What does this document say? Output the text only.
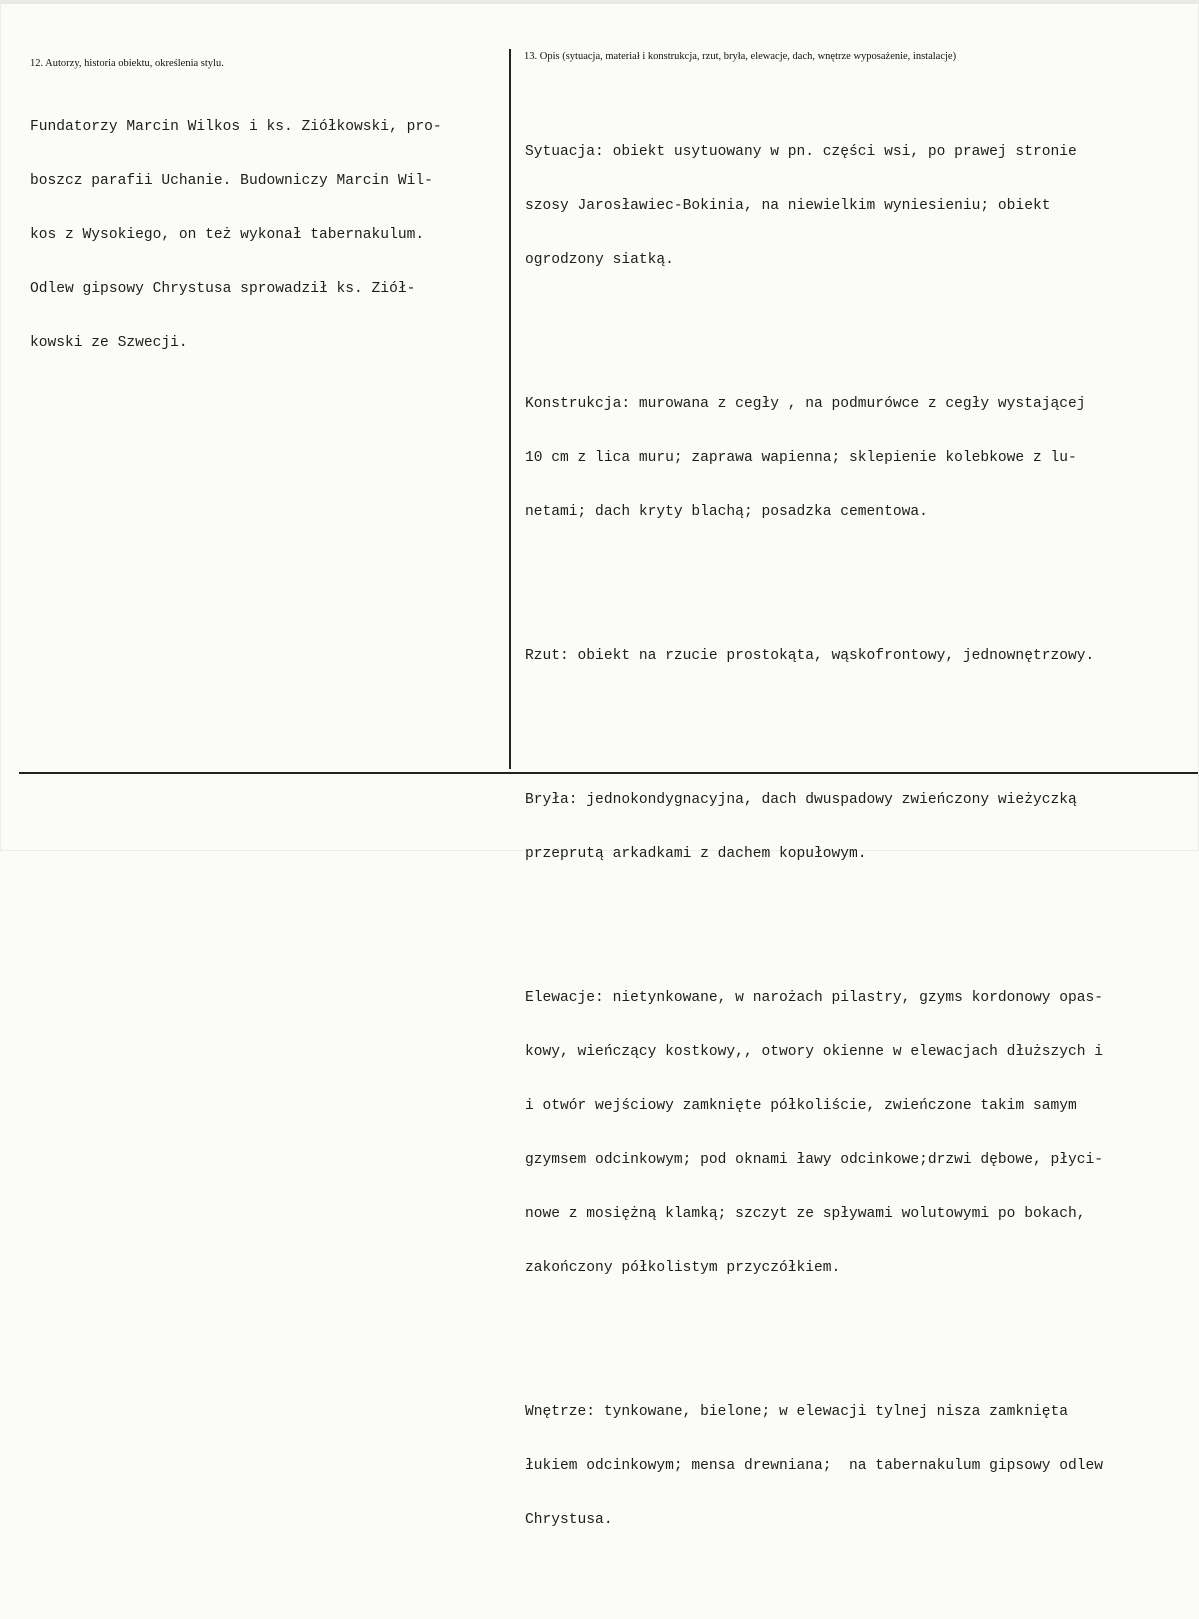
12. Autorzy, historia obiektu, określenia stylu.
13. Opis (sytuacja, materiał i konstrukcja, rzut, bryła, elewacje, dach, wnętrze wyposażenie, instalacje)

Fundatorzy Marcin Wilkos i ks. Ziółkowski, pro-

boszcz parafii Uchanie. Budowniczy Marcin Wil-

kos z Wysokiego, on też wykonał tabernakulum.

Odlew gipsowy Chrystusa sprowadził ks. Ziół-

kowski ze Szwecji.

Sytuacja: obiekt usytuowany w pn. części wsi, po prawej stronie

szosy Jarosławiec-Bokinia, na niewielkim wyniesieniu; obiekt

ogrodzony siatką.

Konstrukcja: murowana z cegły , na podmurówce z cegły wystającej

10 cm z lica muru; zaprawa wapienna; sklepienie kolebkowe z lu-

netami; dach kryty blachą; posadzka cementowa.

Rzut: obiekt na rzucie prostokąta, wąskofrontowy, jednownętrzowy.

Bryła: jednokondygnacyjna, dach dwuspadowy zwieńczony wieżyczką

przeprutą arkadkami z dachem kopułowym.

Elewacje: nietynkowane, w narożach pilastry, gzyms kordonowy opas-

kowy, wieńczący kostkowy,, otwory okienne w elewacjach dłuższych i

i otwór wejściowy zamknięte półkoliście, zwieńczone takim samym

gzymsem odcinkowym; pod oknami ławy odcinkowe;drzwi dębowe, płyci-

nowe z mosiężną klamką; szczyt ze spływami wolutowymi po bokach,

zakończony półkolistym przyczółkiem.

Wnętrze: tynkowane, bielone; w elewacji tylnej nisza zamknięta

łukiem odcinkowym; mensa drewniana;  na tabernakulum gipsowy odlew

Chrystusa.
